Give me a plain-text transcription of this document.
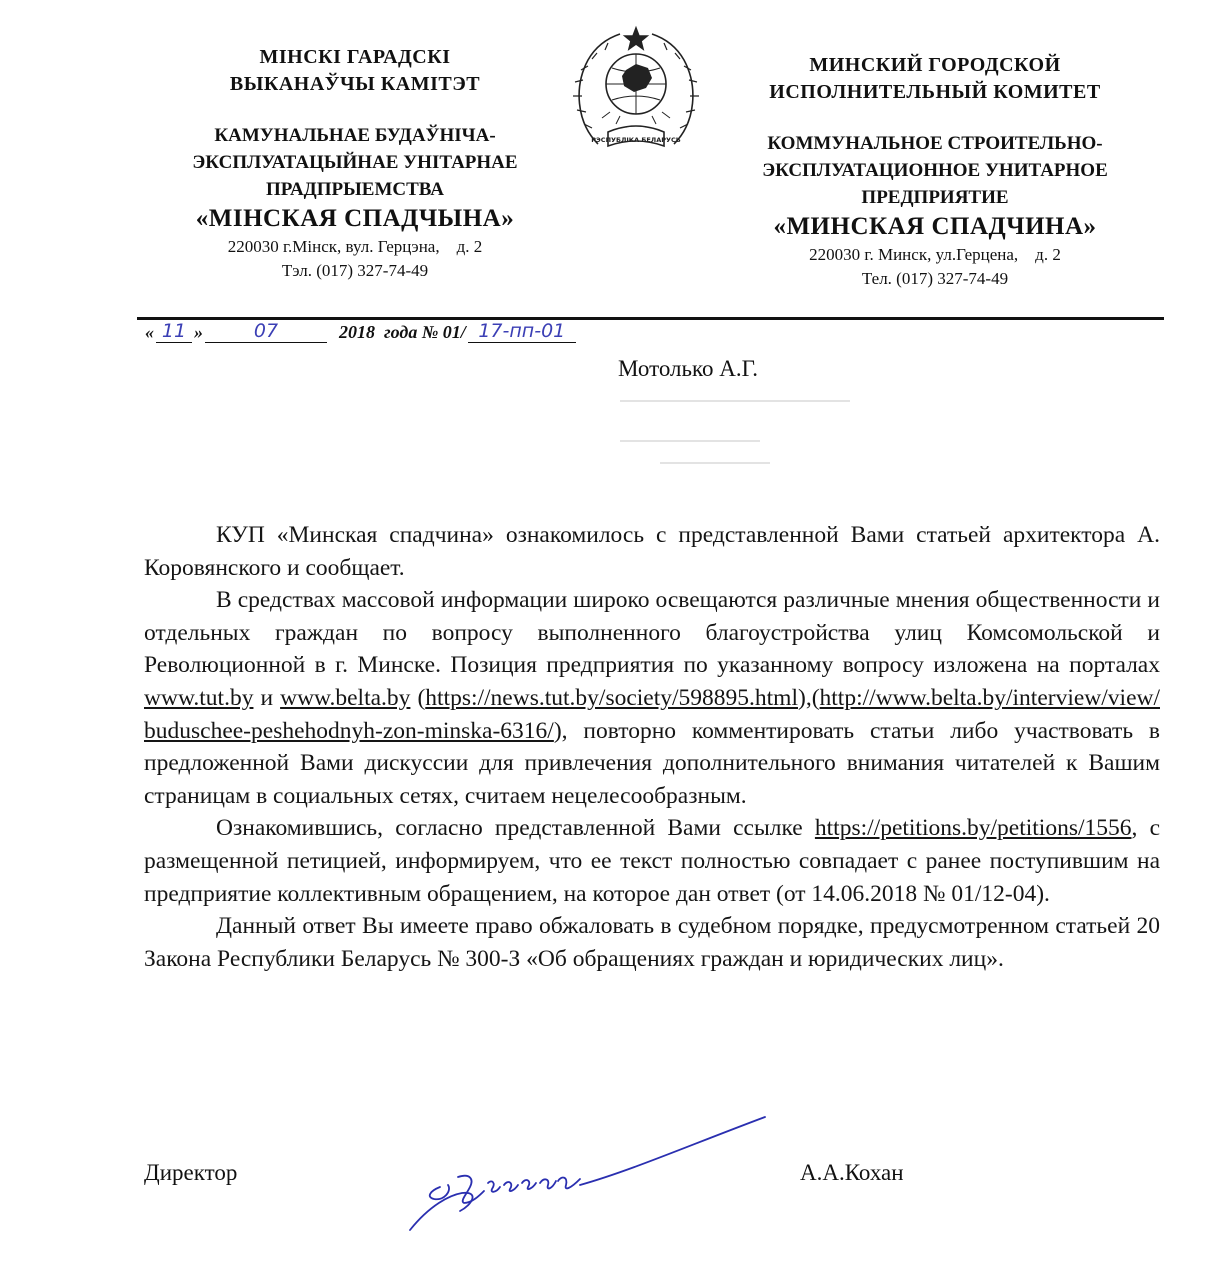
МІНСКІ ГАРАДСКІ
ВЫКАНАЎЧЫ КАМІТЭТ
КАМУНАЛЬНАЕ БУДАЎНІЧА-
ЭКСПЛУАТАЦЫЙНАЕ УНІТАРНАЕ
ПРАДПРЫЕМСТВА
«МІНСКАЯ СПАДЧЫНА»
220030 г.Мінск, вул. Герцэна,    д. 2
Тэл. (017) 327-74-49
РЭСПУБЛІКА БЕЛАРУСЬ
МИНСКИЙ ГОРОДСКОЙ
ИСПОЛНИТЕЛЬНЫЙ КОМИТЕТ
КОММУНАЛЬНОЕ СТРОИТЕЛЬНО-
ЭКСПЛУАТАЦИОННОЕ УНИТАРНОЕ
ПРЕДПРИЯТИЕ
«МИНСКАЯ СПАДЧИНА»
220030 г. Минск, ул.Герцена,    д. 2
Тел. (017) 327-74-49
« 11 »	07	2018  года № 01/ 17-пп-01
Мотолько А.Г.

КУП «Минская спадчина» ознакомилось с представленной Вами статьей архитектора А. Коровянского и сообщает.

В средствах массовой информации широко освещаются различные мнения общественности и отдельных граждан по вопросу выполненного благоустройства улиц Комсомольской и Революционной в г. Минске. Позиция предприятия по указанному вопросу изложена на порталах www.tut.by и www.belta.by (https://news.tut.by/society/598895.html),(http://www.belta.by/interview/view/buduschee-peshehodnyh-zon-minska-6316/), повторно комментировать статьи либо участвовать в предложенной Вами дискуссии для привлечения дополнительного внимания читателей к Вашим страницам в социальных сетях, считаем нецелесообразным.

Ознакомившись, согласно представленной Вами ссылке https://petitions.by/petitions/1556, с размещенной петицией, информируем, что ее текст полностью совпадает с ранее поступившим на предприятие коллективным обращением, на которое дан ответ (от 14.06.2018 № 01/12-04).

Данный ответ Вы имеете право обжаловать в судебном порядке, предусмотренном статьей 20 Закона Республики Беларусь № 300-З «Об обращениях граждан и юридических лиц».

Директор	А.А.Кохан
